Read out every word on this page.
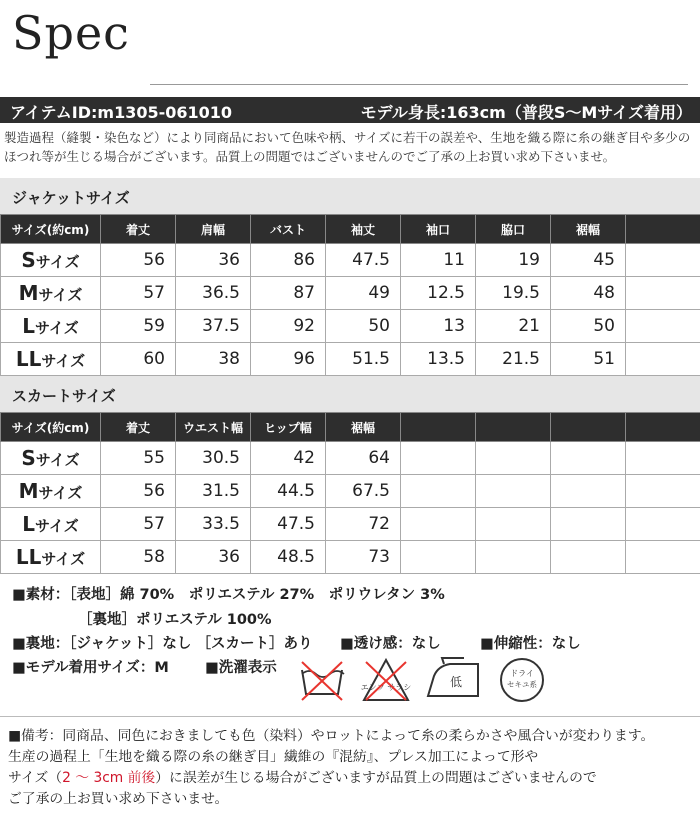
Spec
アイテムID:m1305-061010	モデル身長:163cm（普段S〜Mサイズ着用）
製造過程（縫製・染色など）により同商品において色味や柄、サイズに若干の誤差や、生地を織る際に糸の継ぎ目や多少のほつれ等が生じる場合がございます。品質上の問題ではございませんのでご了承の上お買い求め下さいませ。
ジャケットサイズ
サイズ(約cm)	着丈	肩幅	バスト	袖丈	袖口	脇口	裾幅	
Sサイズ	56	36	86	47.5	11	19	45	
Mサイズ	57	36.5	87	49	12.5	19.5	48	
Lサイズ	59	37.5	92	50	13	21	50	
LLサイズ	60	38	96	51.5	13.5	21.5	51	
スカートサイズ
サイズ(約cm)	着丈	ウエスト幅	ヒップ幅	裾幅				
Sサイズ	55	30.5	42	64				
Mサイズ	56	31.5	44.5	67.5				
Lサイズ	57	33.5	47.5	72				
LLサイズ	58	36	48.5	73				
■素材：［表地］綿 70%　ポリエステル 27%　ポリウレタン 3%
［裏地］ポリエステル 100%
■裏地：［ジャケット］なし ［スカート］あり ■透け感：なし	■伸縮性：なし
■モデル着用サイズ：M	■洗濯表示
エンソ サラシ	低
ドライ
セキユ系
■備考：同商品、同色におきましても色（染料）やロットによって糸の柔らかさや風合いが変わります。
生産の過程上「生地を織る際の糸の継ぎ目」繊維の『混紡』、プレス加工によって形や
サイズ（2 〜 3cm 前後）に誤差が生じる場合がございますが品質上の問題はございませんので
ご了承の上お買い求め下さいませ。
